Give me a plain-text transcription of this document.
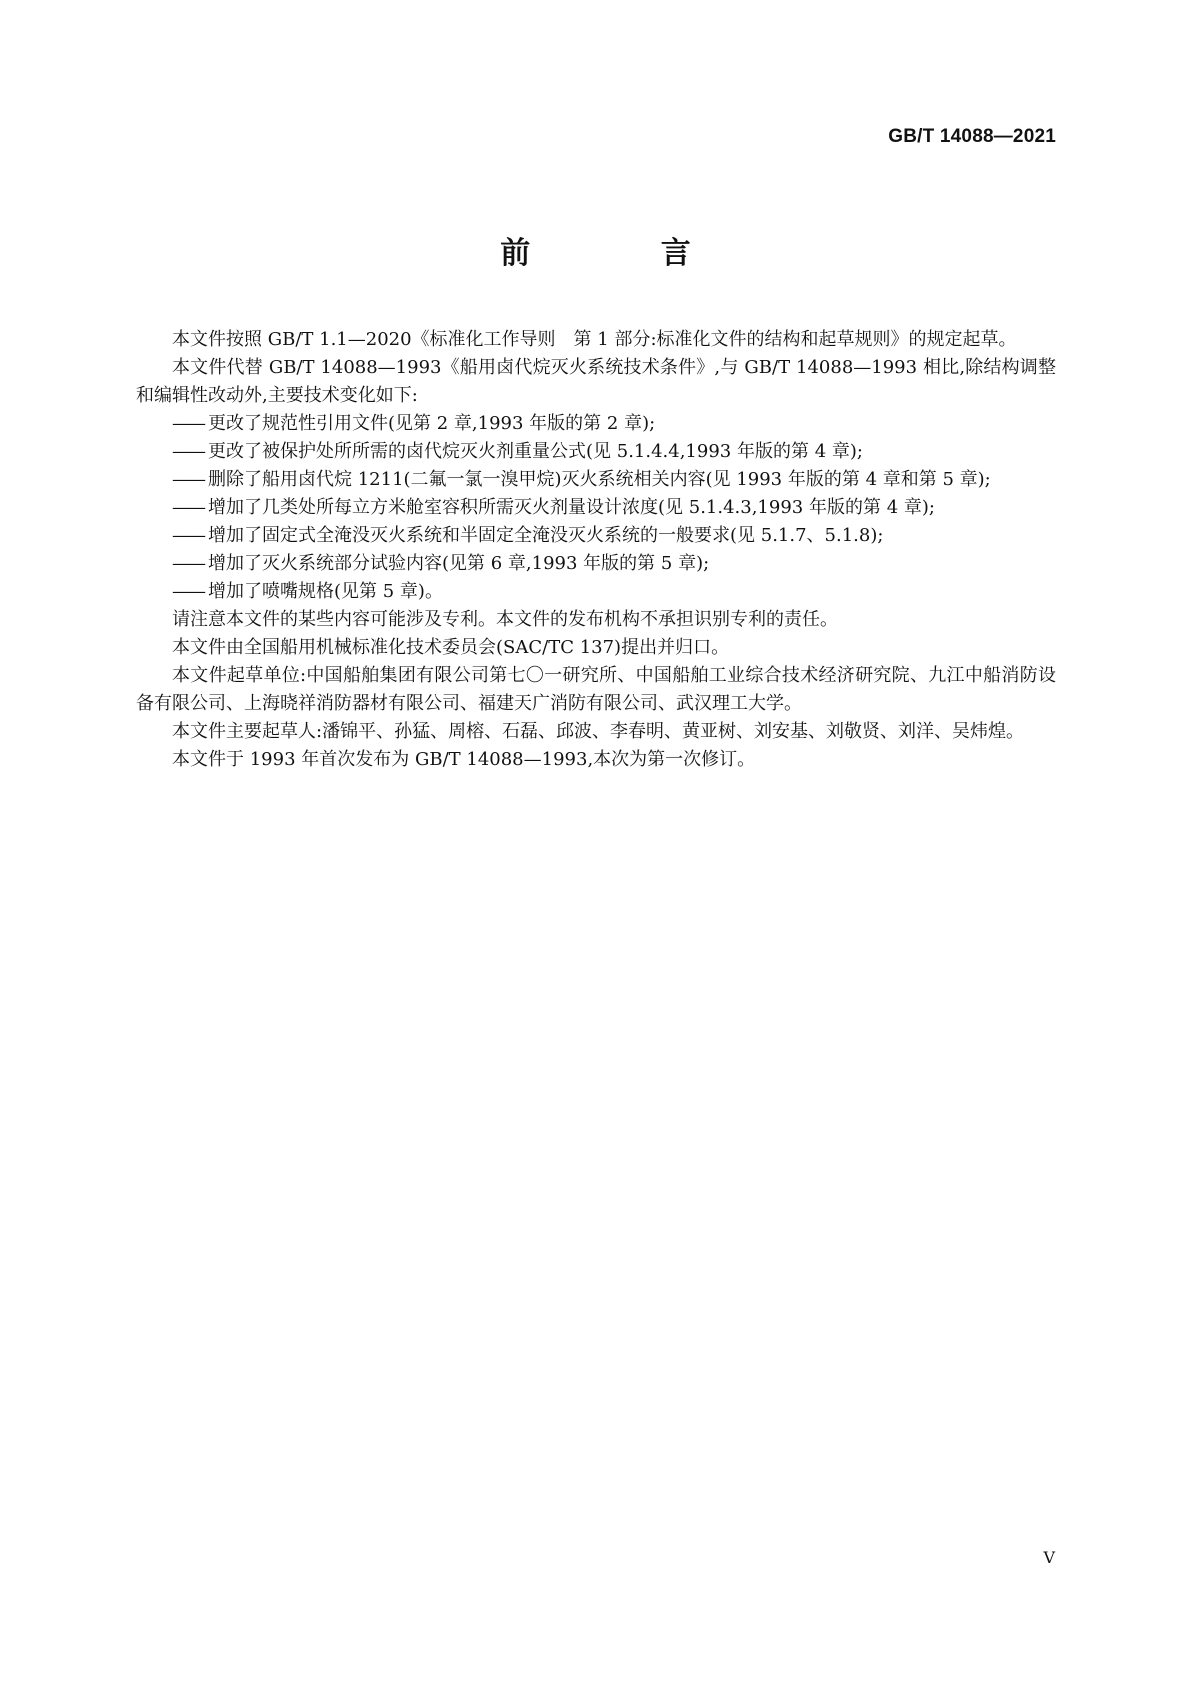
GB/T 14088—2021
前 言

本文件按照 GB/T 1.1—2020《标准化工作导则　第 1 部分:标准化文件的结构和起草规则》的规定起草。

本文件代替 GB/T 14088—1993《船用卤代烷灭火系统技术条件》,与 GB/T 14088—1993 相比,除结构调整和编辑性改动外,主要技术变化如下:

—— 更改了规范性引用文件(见第 2 章,1993 年版的第 2 章);
—— 更改了被保护处所所需的卤代烷灭火剂重量公式(见 5.1.4.4,1993 年版的第 4 章);
—— 删除了船用卤代烷 1211(二氟一氯一溴甲烷)灭火系统相关内容(见 1993 年版的第 4 章和第 5 章);
—— 增加了几类处所每立方米舱室容积所需灭火剂量设计浓度(见 5.1.4.3,1993 年版的第 4 章);
—— 增加了固定式全淹没灭火系统和半固定全淹没灭火系统的一般要求(见 5.1.7、5.1.8);
—— 增加了灭火系统部分试验内容(见第 6 章,1993 年版的第 5 章);
—— 增加了喷嘴规格(见第 5 章)。

请注意本文件的某些内容可能涉及专利。本文件的发布机构不承担识别专利的责任。

本文件由全国船用机械标准化技术委员会(SAC/TC 137)提出并归口。

本文件起草单位:中国船舶集团有限公司第七〇一研究所、中国船舶工业综合技术经济研究院、九江中船消防设备有限公司、上海晓祥消防器材有限公司、福建天广消防有限公司、武汉理工大学。

本文件主要起草人:潘锦平、孙猛、周榕、石磊、邱波、李春明、黄亚树、刘安基、刘敬贤、刘洋、吴炜煌。

本文件于 1993 年首次发布为 GB/T 14088—1993,本次为第一次修订。

V
